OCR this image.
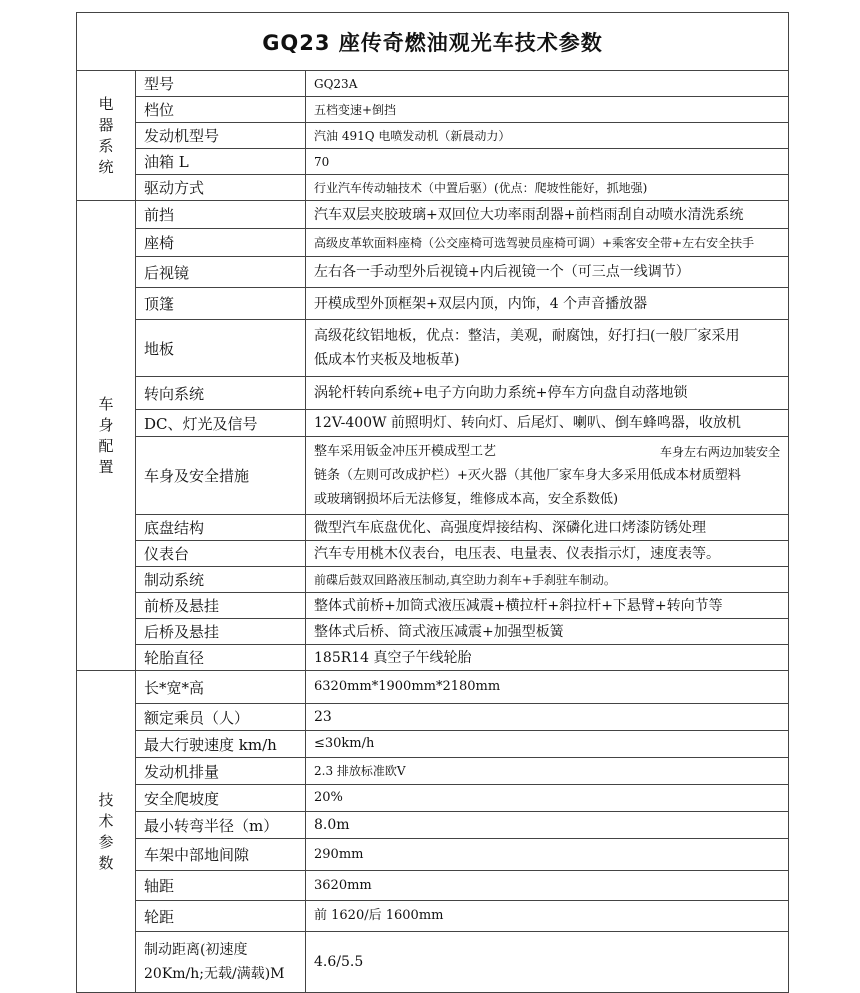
GQ23 座传奇燃油观光车技术参数		

电器系统	型号	GQ23A
	档位	五档变速+倒挡
	发动机型号	汽油 491Q 电喷发动机（新晨动力）
	油箱 L	70
	驱动方式	行业汽车传动轴技术（中置后驱）(优点：爬坡性能好，抓地强)

车身配置	前挡	汽车双层夹胶玻璃+双回位大功率雨刮器+前档雨刮自动喷水清洗系统
	座椅	高级皮革软面料座椅（公交座椅可选驾驶员座椅可调）+乘客安全带+左右安全扶手
	后视镜	左右各一手动型外后视镜+内后视镜一个（可三点一线调节）
	顶篷	开模成型外顶框架+双层内顶，内饰，4 个声音播放器
	地板	高级花纹铝地板，优点：整洁，美观，耐腐蚀，好打扫(一般厂家采用
低成本竹夹板及地板革)

	转向系统	涡轮杆转向系统+电子方向助力系统+停车方向盘自动落地锁
	DC、灯光及信号	12V-400W 前照明灯、转向灯、后尾灯、喇叭、倒车蜂鸣器，收放机
	车身及安全措施	整车采用钣金冲压开模成型工艺 车身左右两边加装安全
链条（左则可改成护栏）+灭火器（其他厂家车身大多采用低成本材质塑料
或玻璃钢损坏后无法修复，维修成本高，安全系数低)

	底盘结构	微型汽车底盘优化、高强度焊接结构、深磷化进口烤漆防锈处理
	仪表台	汽车专用桃木仪表台，电压表、电量表、仪表指示灯，速度表等。
	制动系统	前碟后鼓双回路液压制动,真空助力刹车+手刹驻车制动。
	前桥及悬挂	整体式前桥+加筒式液压减震+横拉杆+斜拉杆+下悬臂+转向节等
	后桥及悬挂	整体式后桥、筒式液压减震+加强型板簧
	轮胎直径	185R14 真空子午线轮胎

技术参数	长*宽*高	6320mm*1900mm*2180mm
	额定乘员（人）	23
	最大行驶速度 km/h	≤30km/h
	发动机排量	2.3 排放标准欧Ⅴ
	安全爬坡度	20%
	最小转弯半径（m）	8.0m
	车架中部地间隙	290mm
	轴距	3620mm
	轮距	前 1620/后 1600mm

	制动距离(初速度
20Km/h;无载/满载)M	4.6/5.5
